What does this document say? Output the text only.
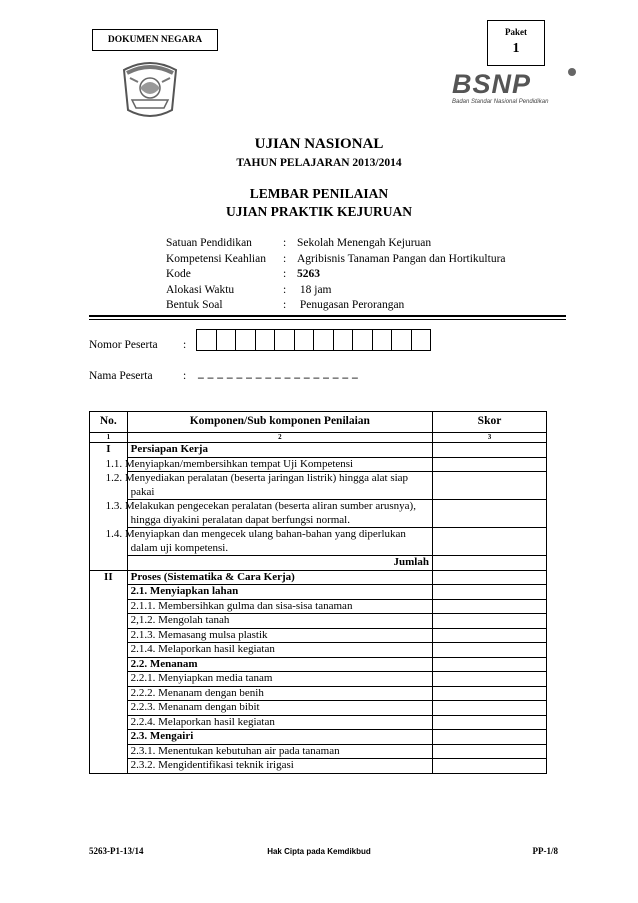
DOKUMEN NEGARA
Paket
1
BSNP
Badan Standar Nasional Pendidikan
UJIAN NASIONAL
TAHUN PELAJARAN 2013/2014
LEMBAR PENILAIAN
UJIAN PRAKTIK KEJURUAN
Satuan Pendidikan	: Sekolah Menengah Kejuruan
Kompetensi Keahlian : Agribisnis Tanaman Pangan dan Hortikultura
Kode	: 5263
Alokasi Waktu	: 18 jam
Bentuk Soal	: Penugasan Perorangan
Nomor Peserta :
Nama Peserta	: _ _ _ _ _ _ _ _ _ _ _ _ _ _ _ _ _
No.	Komponen/Sub komponen Penilaian	Skor
1	2	3
I	Persiapan Kerja	
	1.1. Menyiapkan/membersihkan tempat Uji Kompetensi	
	1.2. Menyediakan peralatan (beserta jaringan listrik) hingga alat siap pakai	
	1.3. Melakukan pengecekan peralatan (beserta aliran sumber arusnya), hingga diyakini peralatan dapat berfungsi normal.	
	1.4. Menyiapkan dan mengecek ulang bahan-bahan yang diperlukan dalam uji kompetensi.	
	Jumlah	
II	Proses (Sistematika & Cara Kerja)	
	2.1. Menyiapkan lahan	
	2.1.1. Membersihkan gulma dan sisa-sisa tanaman	
	2,1.2. Mengolah tanah	
	2.1.3. Memasang mulsa plastik	
	2.1.4. Melaporkan hasil kegiatan	
	2.2. Menanam	
	2.2.1. Menyiapkan media tanam	
	2.2.2. Menanam dengan benih	
	2.2.3. Menanam dengan bibit	
	2.2.4. Melaporkan hasil kegiatan	
	2.3. Mengairi	
	2.3.1. Menentukan kebutuhan air pada tanaman	
	2.3.2. Mengidentifikasi teknik irigasi	
5263-P1-13/14	Hak Cipta pada Kemdikbud	PP-1/8
